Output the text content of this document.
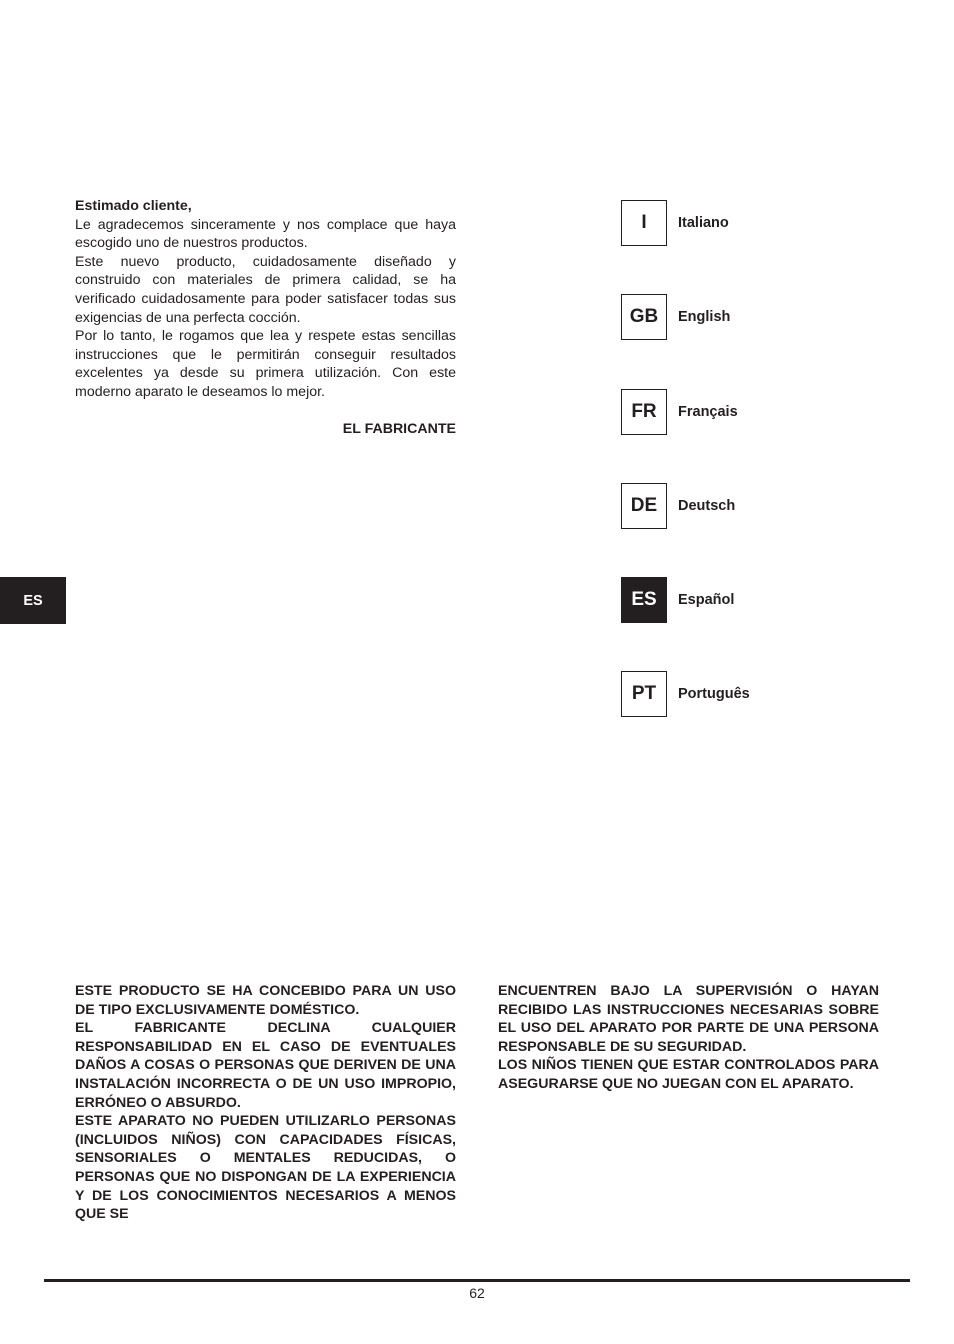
Estimado cliente,

Le agradecemos sinceramente y nos complace que haya escogido uno de nuestros productos.

Este nuevo producto, cuidadosamente diseñado y construido con materiales de primera calidad, se ha verificado cuidadosamente para poder satisfacer todas sus exigencias de una perfecta cocción.

Por lo tanto, le rogamos que lea y respete estas sencillas instrucciones que le permitirán conseguir resultados excelentes ya desde su primera utilización. Con este moderno aparato le deseamos lo mejor.

EL FABRICANTE

I	Italiano
GB	English
FR	Français
DE	Deutsch
ES	Español
PT	Português
ES

ESTE PRODUCTO SE HA CONCEBIDO PARA UN USO DE TIPO EXCLUSIVAMENTE DOMÉSTICO.

EL FABRICANTE DECLINA CUALQUIER RESPONSABILIDAD EN EL CASO DE EVENTUALES DAÑOS A COSAS O PERSONAS QUE DERIVEN DE UNA INSTALACIÓN INCORRECTA O DE UN USO IMPROPIO, ERRÓNEO O ABSURDO.

ESTE APARATO NO PUEDEN UTILIZARLO PERSONAS (INCLUIDOS NIÑOS) CON CAPACIDADES FÍSICAS, SENSORIALES O MENTALES REDUCIDAS, O PERSONAS QUE NO DISPONGAN DE LA EXPERIENCIA Y DE LOS CONOCIMIENTOS NECESARIOS A MENOS QUE SE

ENCUENTREN BAJO LA SUPERVISIÓN O HAYAN RECIBIDO LAS INSTRUCCIONES NECESARIAS SOBRE EL USO DEL APARATO POR PARTE DE UNA PERSONA RESPONSABLE DE SU SEGURIDAD.

LOS NIÑOS TIENEN QUE ESTAR CONTROLADOS PARA ASEGURARSE QUE NO JUEGAN CON EL APARATO.

62
